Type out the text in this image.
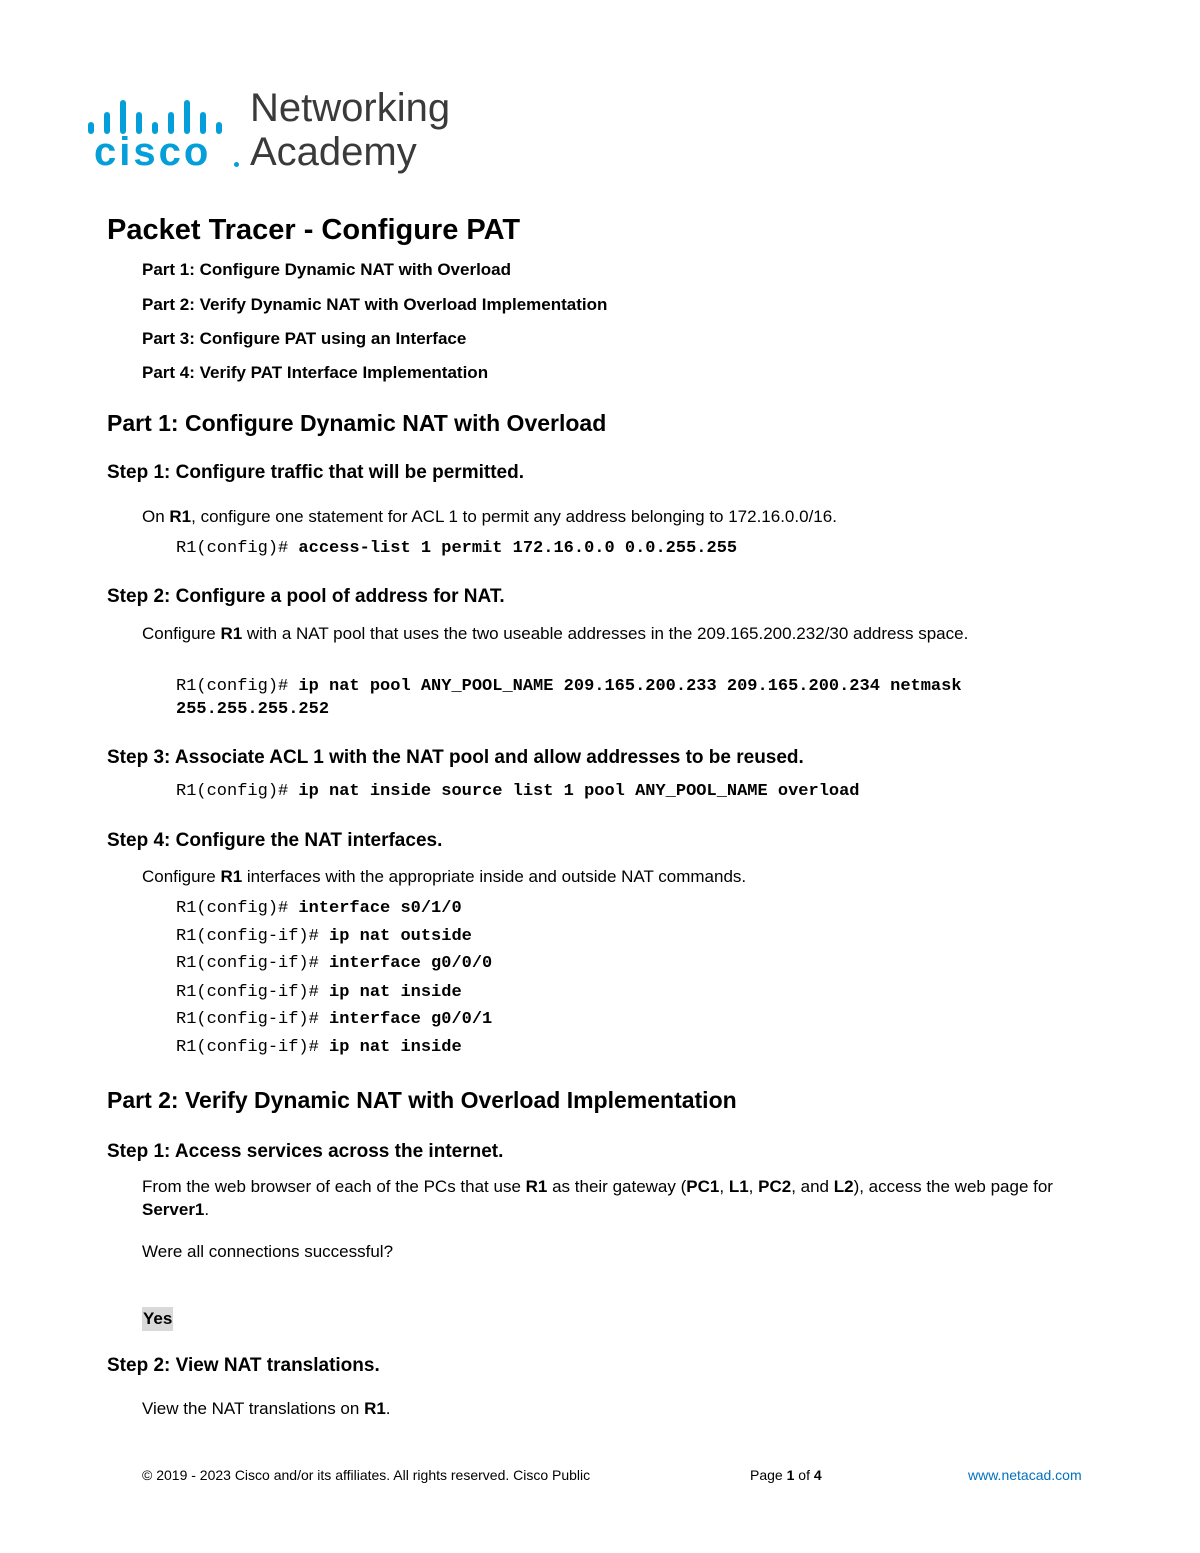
cisco
Networking
Academy
Packet Tracer - Configure PAT

Part 1: Configure Dynamic NAT with Overload

Part 2: Verify Dynamic NAT with Overload Implementation

Part 3: Configure PAT using an Interface

Part 4: Verify PAT Interface Implementation

Part 1: Configure Dynamic NAT with Overload
Step 1: Configure traffic that will be permitted.

On R1, configure one statement for ACL 1 to permit any address belonging to 172.16.0.0/16.

R1(config)# access-list 1 permit 172.16.0.0 0.0.255.255

Step 2: Configure a pool of address for NAT.

Configure R1 with a NAT pool that uses the two useable addresses in the 209.165.200.232/30 address space.

R1(config)# ip nat pool ANY_POOL_NAME 209.165.200.233 209.165.200.234 netmask

255.255.255.252

Step 3: Associate ACL 1 with the NAT pool and allow addresses to be reused.

R1(config)# ip nat inside source list 1 pool ANY_POOL_NAME overload

Step 4: Configure the NAT interfaces.

Configure R1 interfaces with the appropriate inside and outside NAT commands.

R1(config)# interface s0/1/0

R1(config-if)# ip nat outside

R1(config-if)# interface g0/0/0

R1(config-if)# ip nat inside

R1(config-if)# interface g0/0/1

R1(config-if)# ip nat inside

Part 2: Verify Dynamic NAT with Overload Implementation
Step 1: Access services across the internet.

From the web browser of each of the PCs that use R1 as their gateway (PC1, L1, PC2, and L2), access the web page for Server1.

Were all connections successful?

Yes

Step 2: View NAT translations.

View the NAT translations on R1.

© 2019 - 2023 Cisco and/or its affiliates. All rights reserved. Cisco Public	Page 1 of 4	www.netacad.com
